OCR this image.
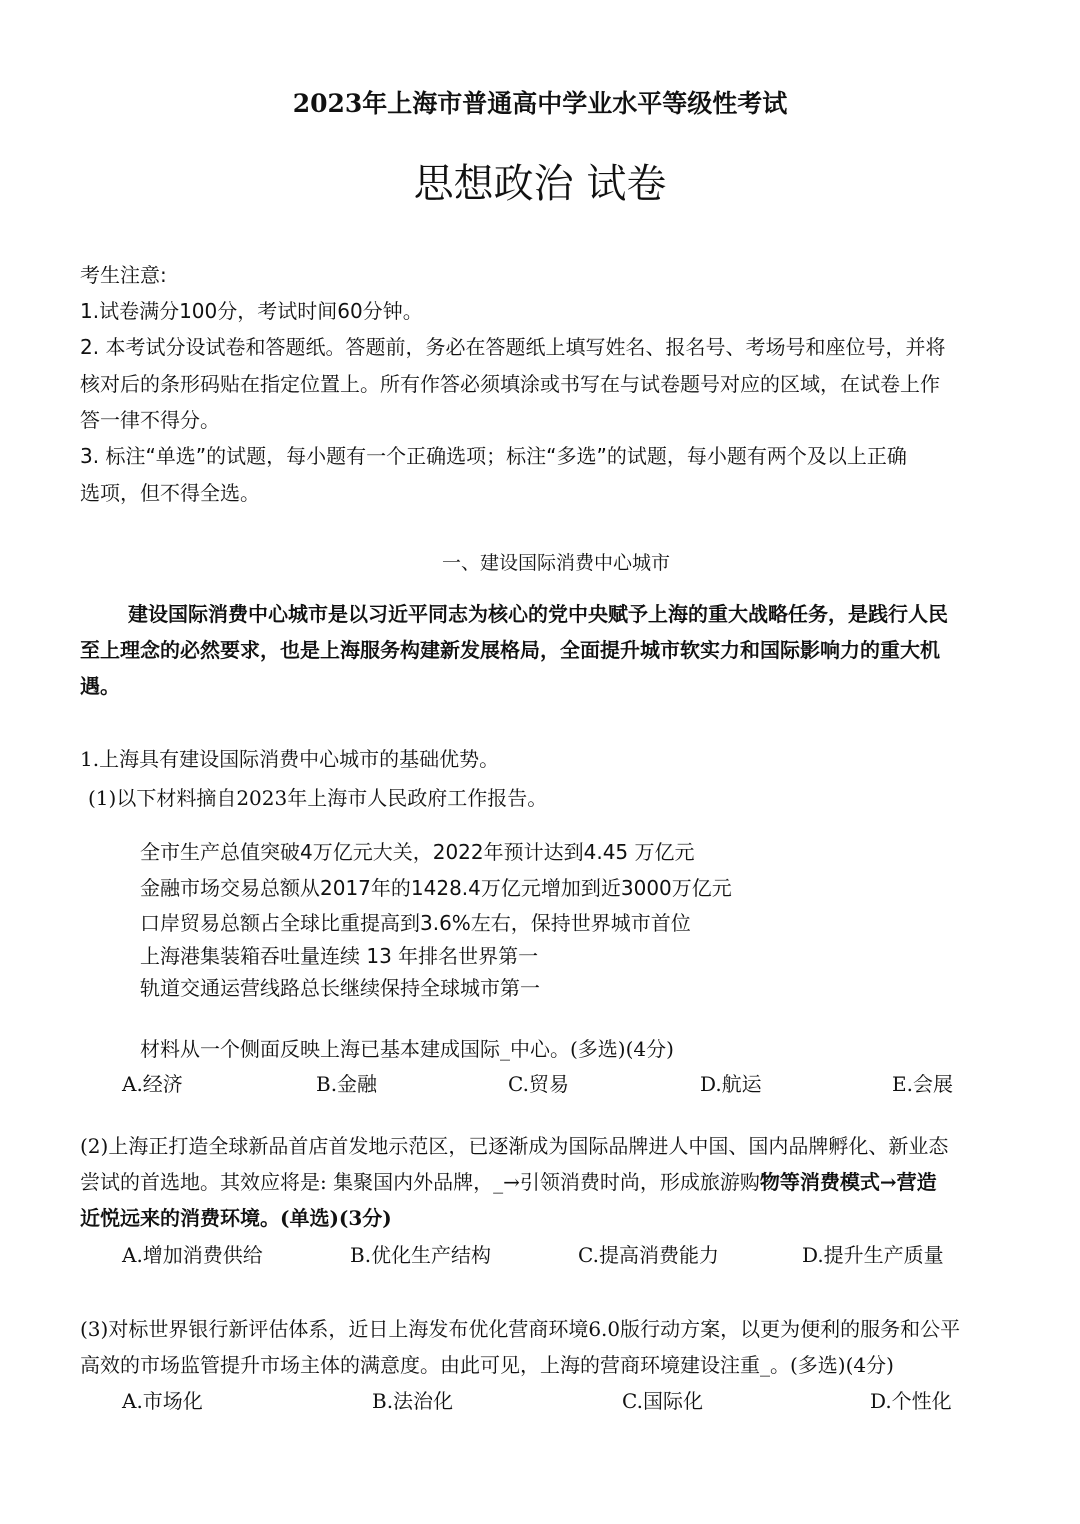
2023年上海市普通高中学业水平等级性考试
思想政治 试卷
考生注意:
1.试卷满分100分，考试时间60分钟。
2. 本考试分设试卷和答题纸。答题前，务必在答题纸上填写姓名、报名号、考场号和座位号，并将
核对后的条形码贴在指定位置上。所有作答必须填涂或书写在与试卷题号对应的区域，在试卷上作
答一律不得分。
3. 标注“单选”的试题，每小题有一个正确选项；标注“多选”的试题，每小题有两个及以上正确
选项，但不得全选。
一、建设国际消费中心城市
建设国际消费中心城市是以习近平同志为核心的党中央赋予上海的重大战略任务，是践行人民
至上理念的必然要求，也是上海服务构建新发展格局，全面提升城市软实力和国际影响力的重大机
遇。
1.上海具有建设国际消费中心城市的基础优势。
(1)以下材料摘自2023年上海市人民政府工作报告。
全市生产总值突破4万亿元大关，2022年预计达到4.45 万亿元
金融市场交易总额从2017年的1428.4万亿元增加到近3000万亿元
口岸贸易总额占全球比重提高到3.6%左右，保持世界城市首位
上海港集装箱吞吐量连续 13 年排名世界第一
轨道交通运营线路总长继续保持全球城市第一
材料从一个侧面反映上海已基本建成国际_中心。(多选)(4分)
A.经济	B.金融	C.贸易	D.航运	E.会展
(2)上海正打造全球新品首店首发地示范区，已逐渐成为国际品牌进人中国、国内品牌孵化、新业态
尝试的首选地。其效应将是: 集聚国内外品牌，_→引领消费时尚，形成旅游购物等消费模式→营造
近悦远来的消费环境。(单选)(3分)
A.增加消费供给	B.优化生产结构	C.提高消费能力	D.提升生产质量
(3)对标世界银行新评估体系，近日上海发布优化营商环境6.0版行动方案，以更为便利的服务和公平
高效的市场监管提升市场主体的满意度。由此可见，上海的营商环境建设注重_。(多选)(4分)
A.市场化	B.法治化	C.国际化	D.个性化
